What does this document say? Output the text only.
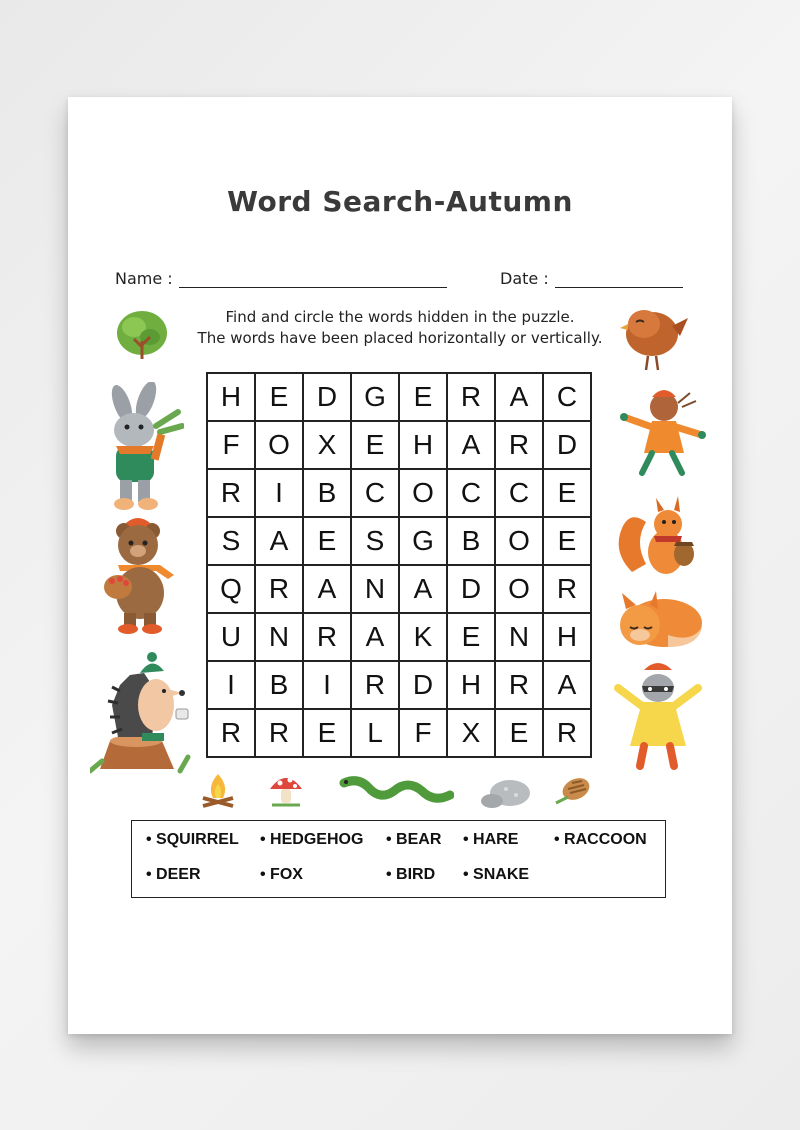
Word Search-Autumn
Name :	Date :
Find and circle the words hidden in the puzzle.
The words have been placed horizontally or vertically.
H	E	D G E	R	A	C
F	O X	E	H	A	R D
R	I	B	C O C C	E
S	A	E	S G B O E
Q R	A	N	A	D O R
U N R	A	K	E	N H
I	B	I	R D H R	A
R R	E	L	F	X	E	R
• SQUIRREL • HEDGEHOG • BEAR • HARE • RACCOON
• DEER	• FOX	• BIRD • SNAKE
